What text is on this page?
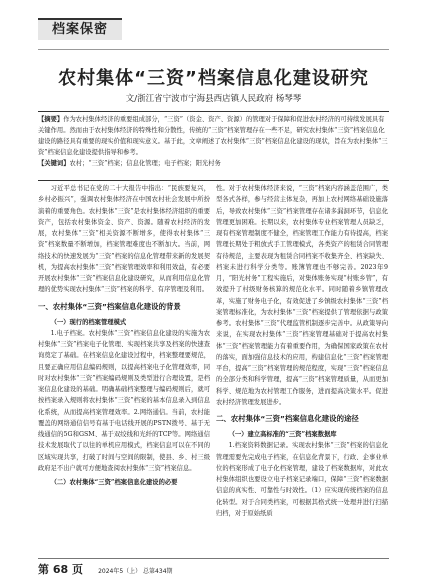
档案保密
农村集体“三资”档案信息化建设研究
文/浙江省宁波市宁海县西店镇人民政府 杨琴琴

【摘要】作为农村集体经济的重要组成部分，“三资”（资金、资产、资源）的管理对于保障和促进农村经济的可持续发展具有关键作用。然而由于农村集体经济的特殊性和分散性，传统的“三资”档案管理存在一些不足，研究农村集体“三资”档案信息化建设的路径具有重要的现实价值和现实意义。基于此，文章阐述了农村集体“三资”档案信息化建设的现状，旨在为农村集体“三资”档案信息化建设提供指导和参考。

【关键词】农村；“三资”档案；信息化管理；电子档案；阳光村务

习近平总书记在党的二十大报告中指出：“民族要复兴，乡村必振兴”，强调农村集体经济在中国农村社会发展中所扮演着的重要角色。农村集体“三资”是农村集体经济组织的重要资产，包括农村集体资金、资产、资源。随着农村经济的发展，农村集体“三资”相关资源不断增多，使得农村集体“三资”档案数量不断增加，档案管理难度也不断加大。当前，网络技术的快速发展为“三资”档案的信息化管理带来新的发展契机，为提高农村集体“三资”档案管理效率和利用效益，有必要开展农村集体“三资”档案信息化建设研究，从而利用信息化管理的优势实现农村集体“三资”档案的科学、有序管理及利用。

一、农村集体“三资”档案信息化建设的背景
（一）现行的档案管理模式

1.电子档案。农村集体“三资”档案信息化建设的实施为农村集体“三资”档案电子化管理、实现档案共享及档案的快速查询奠定了基础。在档案信息化建设过程中，档案整理要规范，且要正确应用信息编码规则，以提高档案电子化管理效率，同时对农村集体“三资”档案编码规则及类型进行合理设置，是档案信息化建设的基础。明确基础档案整理与编码规则后，就可按档案录入规则将农村集体“三资”档案的基本信息录入到信息化系统，从而提高档案管理效率。2.网络通信。当前，农村能覆盖的网络通信信号有基于电话线开展的PSTN拨号、基于无线通信的5G和GSM、基于双绞线和光纤的TCP等。网络通信技术发展取代了以往的单机应用模式，档案信息可以在不同的区域实现共享，打破了时间与空间的限制，使县、乡、村三级政府足不出户就可方便地查阅农村集体“三资”档案信息。

（二）农村集体“三资”档案信息化建设的必要

性。对于农村集体经济来说，“三资”档案内容涵盖范围广，类型各式各样，参与经营主体复杂，再加上农村网络基础设施落后，导致农村集体“三资”档案管理存在诸多漏洞环节，信息化管理更加困难。长期以来，农村集体专业档案管理人员缺乏，现有档案管理制度不健全，档案管理工作能力有待提高，档案管理长期处于粗放式手工管理模式，各类资产的租赁合同管理有待规范，主要表现为租赁合同档案不收集齐全、档案缺失、档案未进行科学分类等。账簿管理也不够完善。2023年9月，“阳光村务”工程实施后，对集体账务实现“村账乡管”，有效提升了村级财务核算的规范化水平。同时随着乡镇管理改革，实施了财务电子化，有效促进了乡镇级农村集体“三资”档案管理标准化，为农村集体“三资”档案提供了管理依据与政策参考。农村集体“三资”代理监管机制逐步完善中。从政策导向来说，在实现农村集体“三资”档案管理基础对于提高农村集体“三资”档案管理能力有着重要作用，为确保国家政策在农村的落实，面加强信息技术的应用，构建信息化“三资”档案管理平台，提高“三资”档案管理的规范程度，实现“三资”档案信息的全部分类和科学管理，提高“三资”档案管理质量，从而更加科学、规范地为农村管理工作服务，进而提高决策水平。促进农村经济管理发展进步。

二、农村集体“三资”档案信息化建设的途径
（一）建立高标准的“三资”档案数据库

1.档案资料数据记录。实现农村集体“三资”档案的信息化管理需要先完成电子档案，在信息化背景下，行政、企事业单位的档案形成了电子化档案管理，建设了档案数据库，对此农村集体组织也要设立电子档案记录端口，保障“三资”档案数据信息的真实性、可靠性与时效性。（1）应实现传统档案的信息化转型。对于合同类档案，可根据其格式统一处理并进行扫描归档，对于原始纸质

第 68 页	2024年5（上） 总第434期
